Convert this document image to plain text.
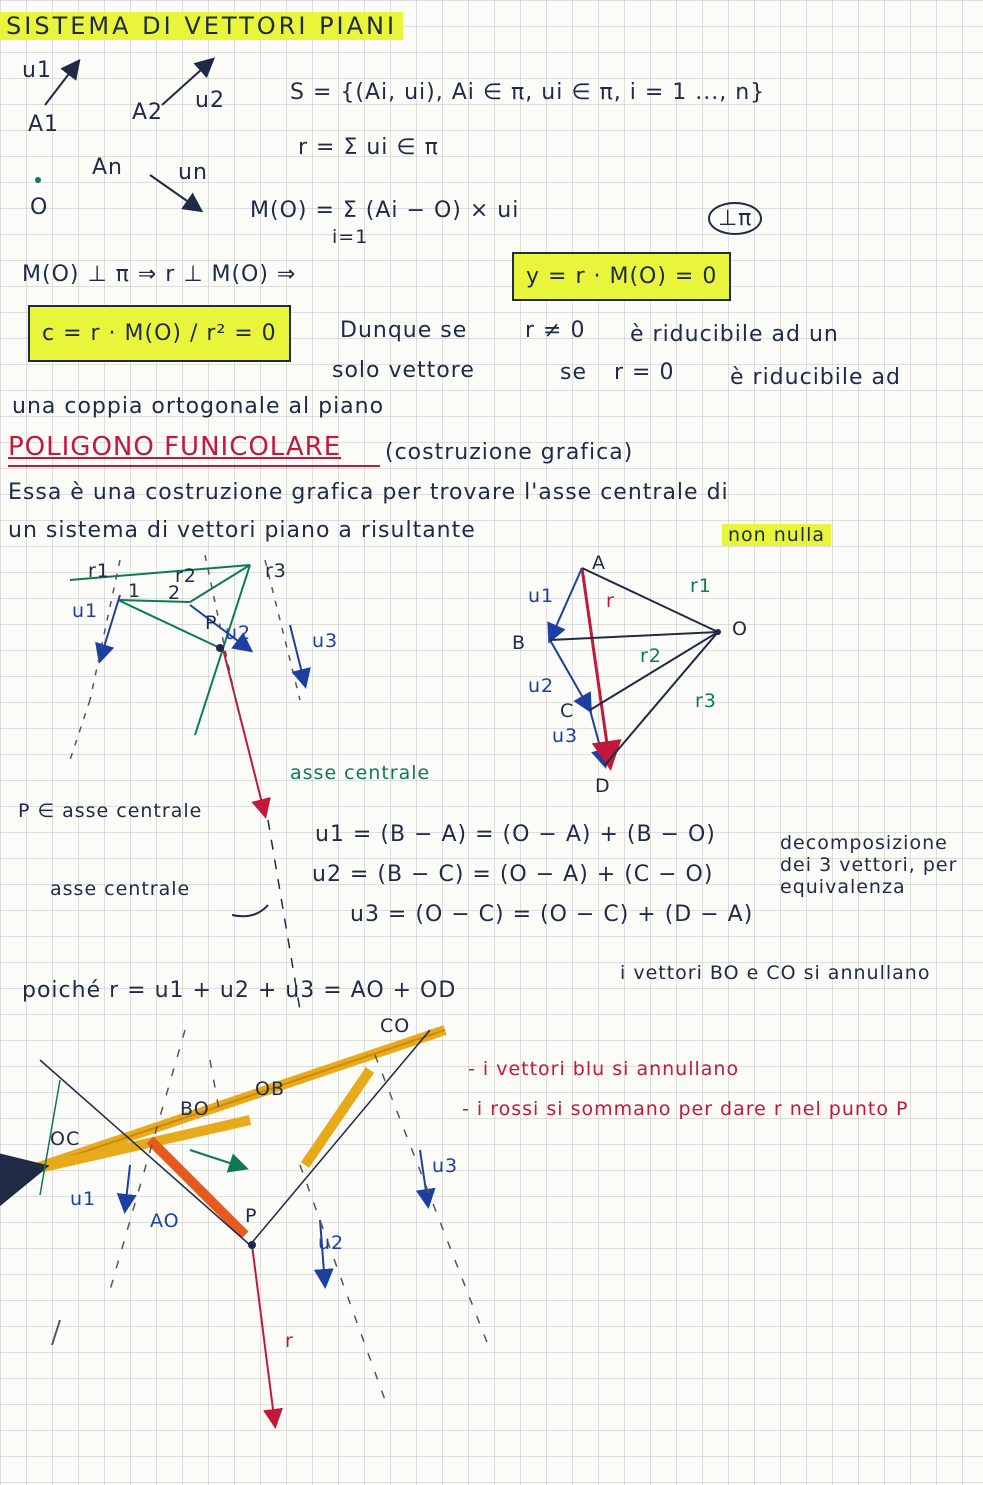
SISTEMA DI VETTORI PIANI
u1
u2
A1	A2
An	un
O
S = {(Ai, ui), Ai ∈ π, ui ∈ π, i = 1 ..., n}
r = Σ ui ∈ π
M(O) = Σ (Ai − O) × ui
i=1
⊥π
M(O) ⊥ π ⇒ r ⊥ M(O) ⇒	y = r · M(O) = 0
c = r · M(O) / r² = 0	Dunque se	r ≠ 0 è riducibile ad un
solo vettore	se r = 0	è riducibile ad
una coppia ortogonale al piano
POLIGONO FUNICOLARE (costruzione grafica)
Essa è una costruzione grafica per trovare l'asse centrale di
un sistema di vettori piano a risultante	non nulla
r1
1
r2
2
r3
u1
u2	u3
P
A
B
C
D
O
r
u1
u2
u3
r1
r2
r3
asse centrale
P ∈ asse centrale
asse centrale
u1 = (B − A) = (O − A) + (B − O)
u2 = (B − C) = (O − A) + (C − O)
u3 = (O − C) = (O − C) + (D − A)
decomposizione dei 3 vettori, per equivalenza
poiché r = u1 + u2 + u3 = AO + OD
i vettori BO e CO si annullano
OC
BO
OB
CO
AO
u1
u2
u3
P
r
- i vettori blu si annullano
- i rossi si sommano per dare r nel punto P
